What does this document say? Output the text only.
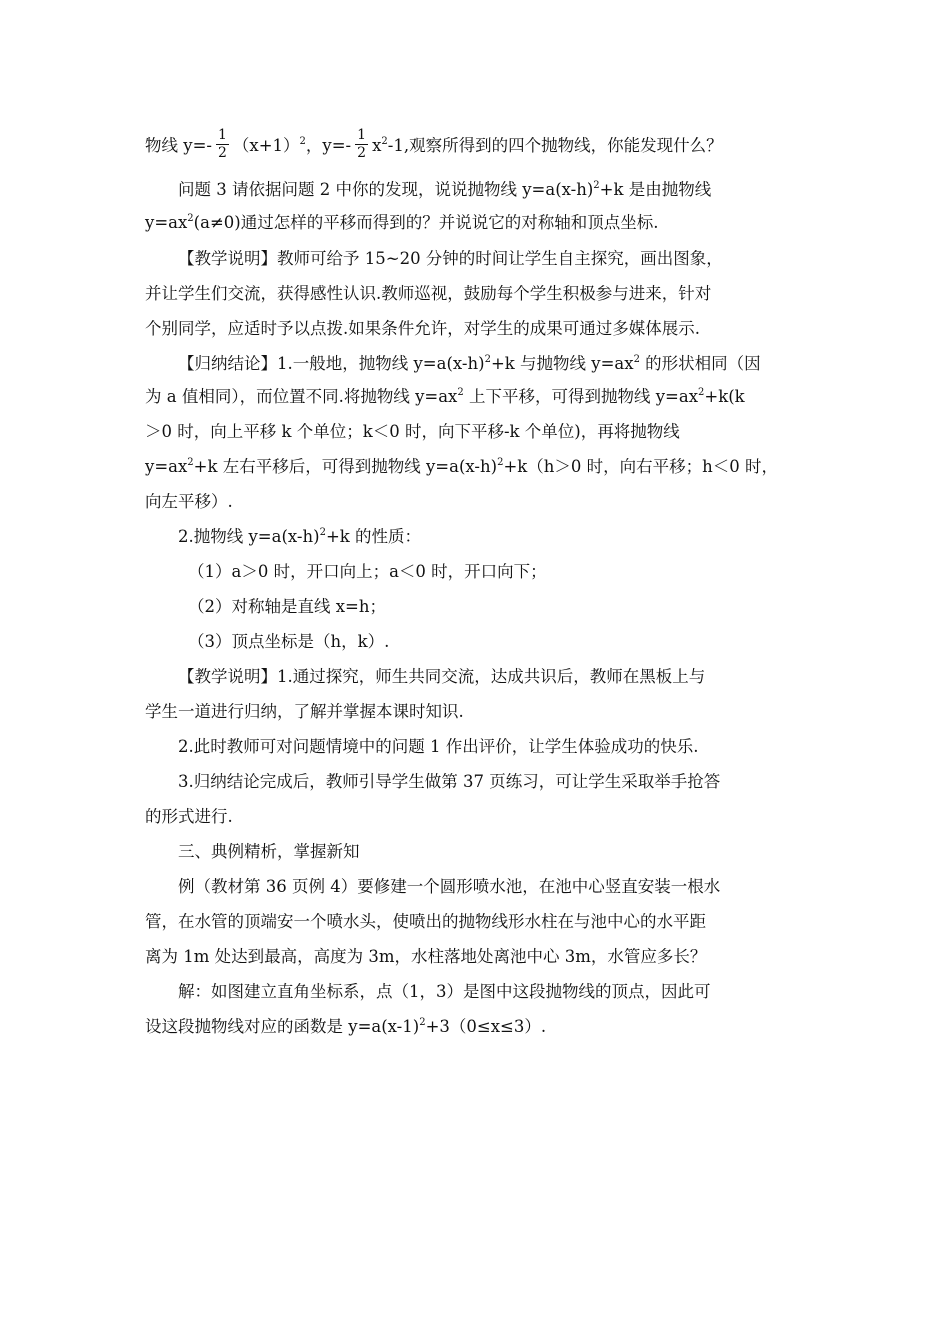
物线 $y=- \frac{1}{2} (x+1)^2$，$y=- \frac{1}{2} x^2-1$,观察所得到的四个抛物线，你能发现什么？
问题 3 请依据问题 2 中你的发现，说说抛物线 $y=a(x-h)^2+k$ 是由抛物线
$y=ax^2(a\ne 0)$通过怎样的平移而得到的？并说说它的对称轴和顶点坐标.
【教学说明】教师可给予 15~20 分钟的时间让学生自主探究，画出图象，
并让学生们交流，获得感性认识.教师巡视，鼓励每个学生积极参与进来，针对
个别同学，应适时予以点拨.如果条件允许，对学生的成果可通过多媒体展示.
【归纳结论】1.一般地，抛物线 $y=a(x-h)^2+k$ 与抛物线 $y=ax^2$ 的形状相同（因
为 a 值相同），而位置不同.将抛物线 $y=ax^2$ 上下平移，可得到抛物线 $y=ax^2+k(k$
＞0 时，向上平移 k 个单位；k＜0 时，向下平移-k 个单位)，再将抛物线
$y=ax^2+k$ 左右平移后，可得到抛物线 $y=a(x-h)^2+k(h>0$ 时，向右平移；h＜0 时，
向左平移）.
2.抛物线 $y=a(x-h)^2+k$ 的性质：
（1）a＞0 时，开口向上；a＜0 时，开口向下；
（2）对称轴是直线 x=h；
（3）顶点坐标是（h，k）.
【教学说明】1.通过探究，师生共同交流，达成共识后，教师在黑板上与
学生一道进行归纳，了解并掌握本课时知识.
2.此时教师可对问题情境中的问题 1 作出评价，让学生体验成功的快乐.
3.归纳结论完成后，教师引导学生做第 37 页练习，可让学生采取举手抢答
的形式进行.
三、典例精析，掌握新知
例（教材第 36 页例 4）要修建一个圆形喷水池，在池中心竖直安装一根水
管，在水管的顶端安一个喷水头，使喷出的抛物线形水柱在与池中心的水平距
离为 1m 处达到最高，高度为 3m，水柱落地处离池中心 3m，水管应多长？
解：如图建立直角坐标系，点（1，3）是图中这段抛物线的顶点，因此可
设这段抛物线对应的函数是 $y=a(x-1)^2+3(0\le x\le 3)$.
